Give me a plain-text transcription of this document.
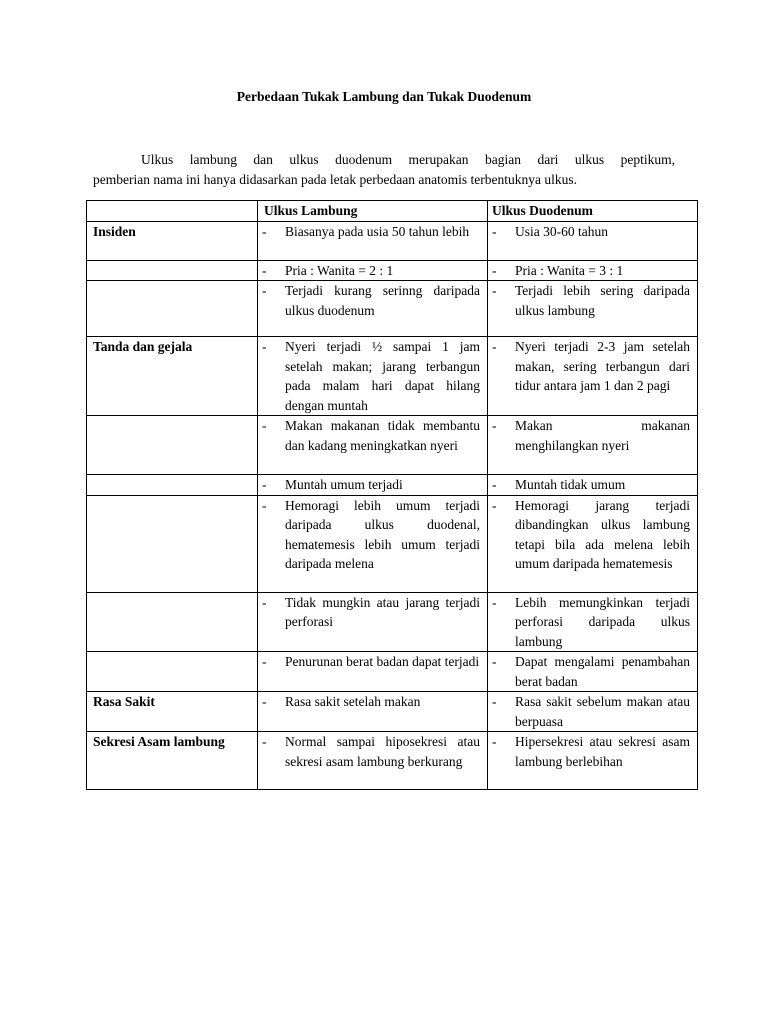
Perbedaan Tukak Lambung dan Tukak Duodenum
Ulkus lambung dan ulkus duodenum merupakan bagian dari ulkus peptikum,
pemberian nama ini hanya didasarkan pada letak perbedaan anatomis terbentuknya ulkus.
	Ulkus Lambung	Ulkus Duodenum
Insiden	- Biasanya pada usia 50 tahun lebih	- Usia 30-60 tahun

	- Pria : Wanita = 2 : 1	- Pria : Wanita = 3 : 1

	- Terjadi kurang serinng daripada ulkus duodenum	- Terjadi lebih sering daripada ulkus lambung

Tanda dan gejala	- Nyeri terjadi ½ sampai 1 jam setelah makan; jarang terbangun pada malam hari dapat hilang dengan muntah	- Nyeri terjadi 2-3 jam setelah makan, sering terbangun dari tidur antara jam 1 dan 2 pagi

	- Makan makanan tidak membantu dan kadang meningkatkan nyeri	- Makan makanan menghilangkan nyeri

	- Muntah umum terjadi	- Muntah tidak umum

	- Hemoragi lebih umum terjadi daripada ulkus duodenal, hematemesis lebih umum terjadi daripada melena	- Hemoragi jarang terjadi dibandingkan ulkus lambung tetapi bila ada melena lebih umum daripada hematemesis

	- Tidak mungkin atau jarang terjadi perforasi	- Lebih memungkinkan terjadi perforasi daripada ulkus lambung

	- Penurunan berat badan dapat terjadi	- Dapat mengalami penambahan berat badan

Rasa Sakit	- Rasa sakit setelah makan	- Rasa sakit sebelum makan atau berpuasa

Sekresi Asam lambung	- Normal sampai hiposekresi atau sekresi asam lambung berkurang	- Hipersekresi atau sekresi asam lambung berlebihan
